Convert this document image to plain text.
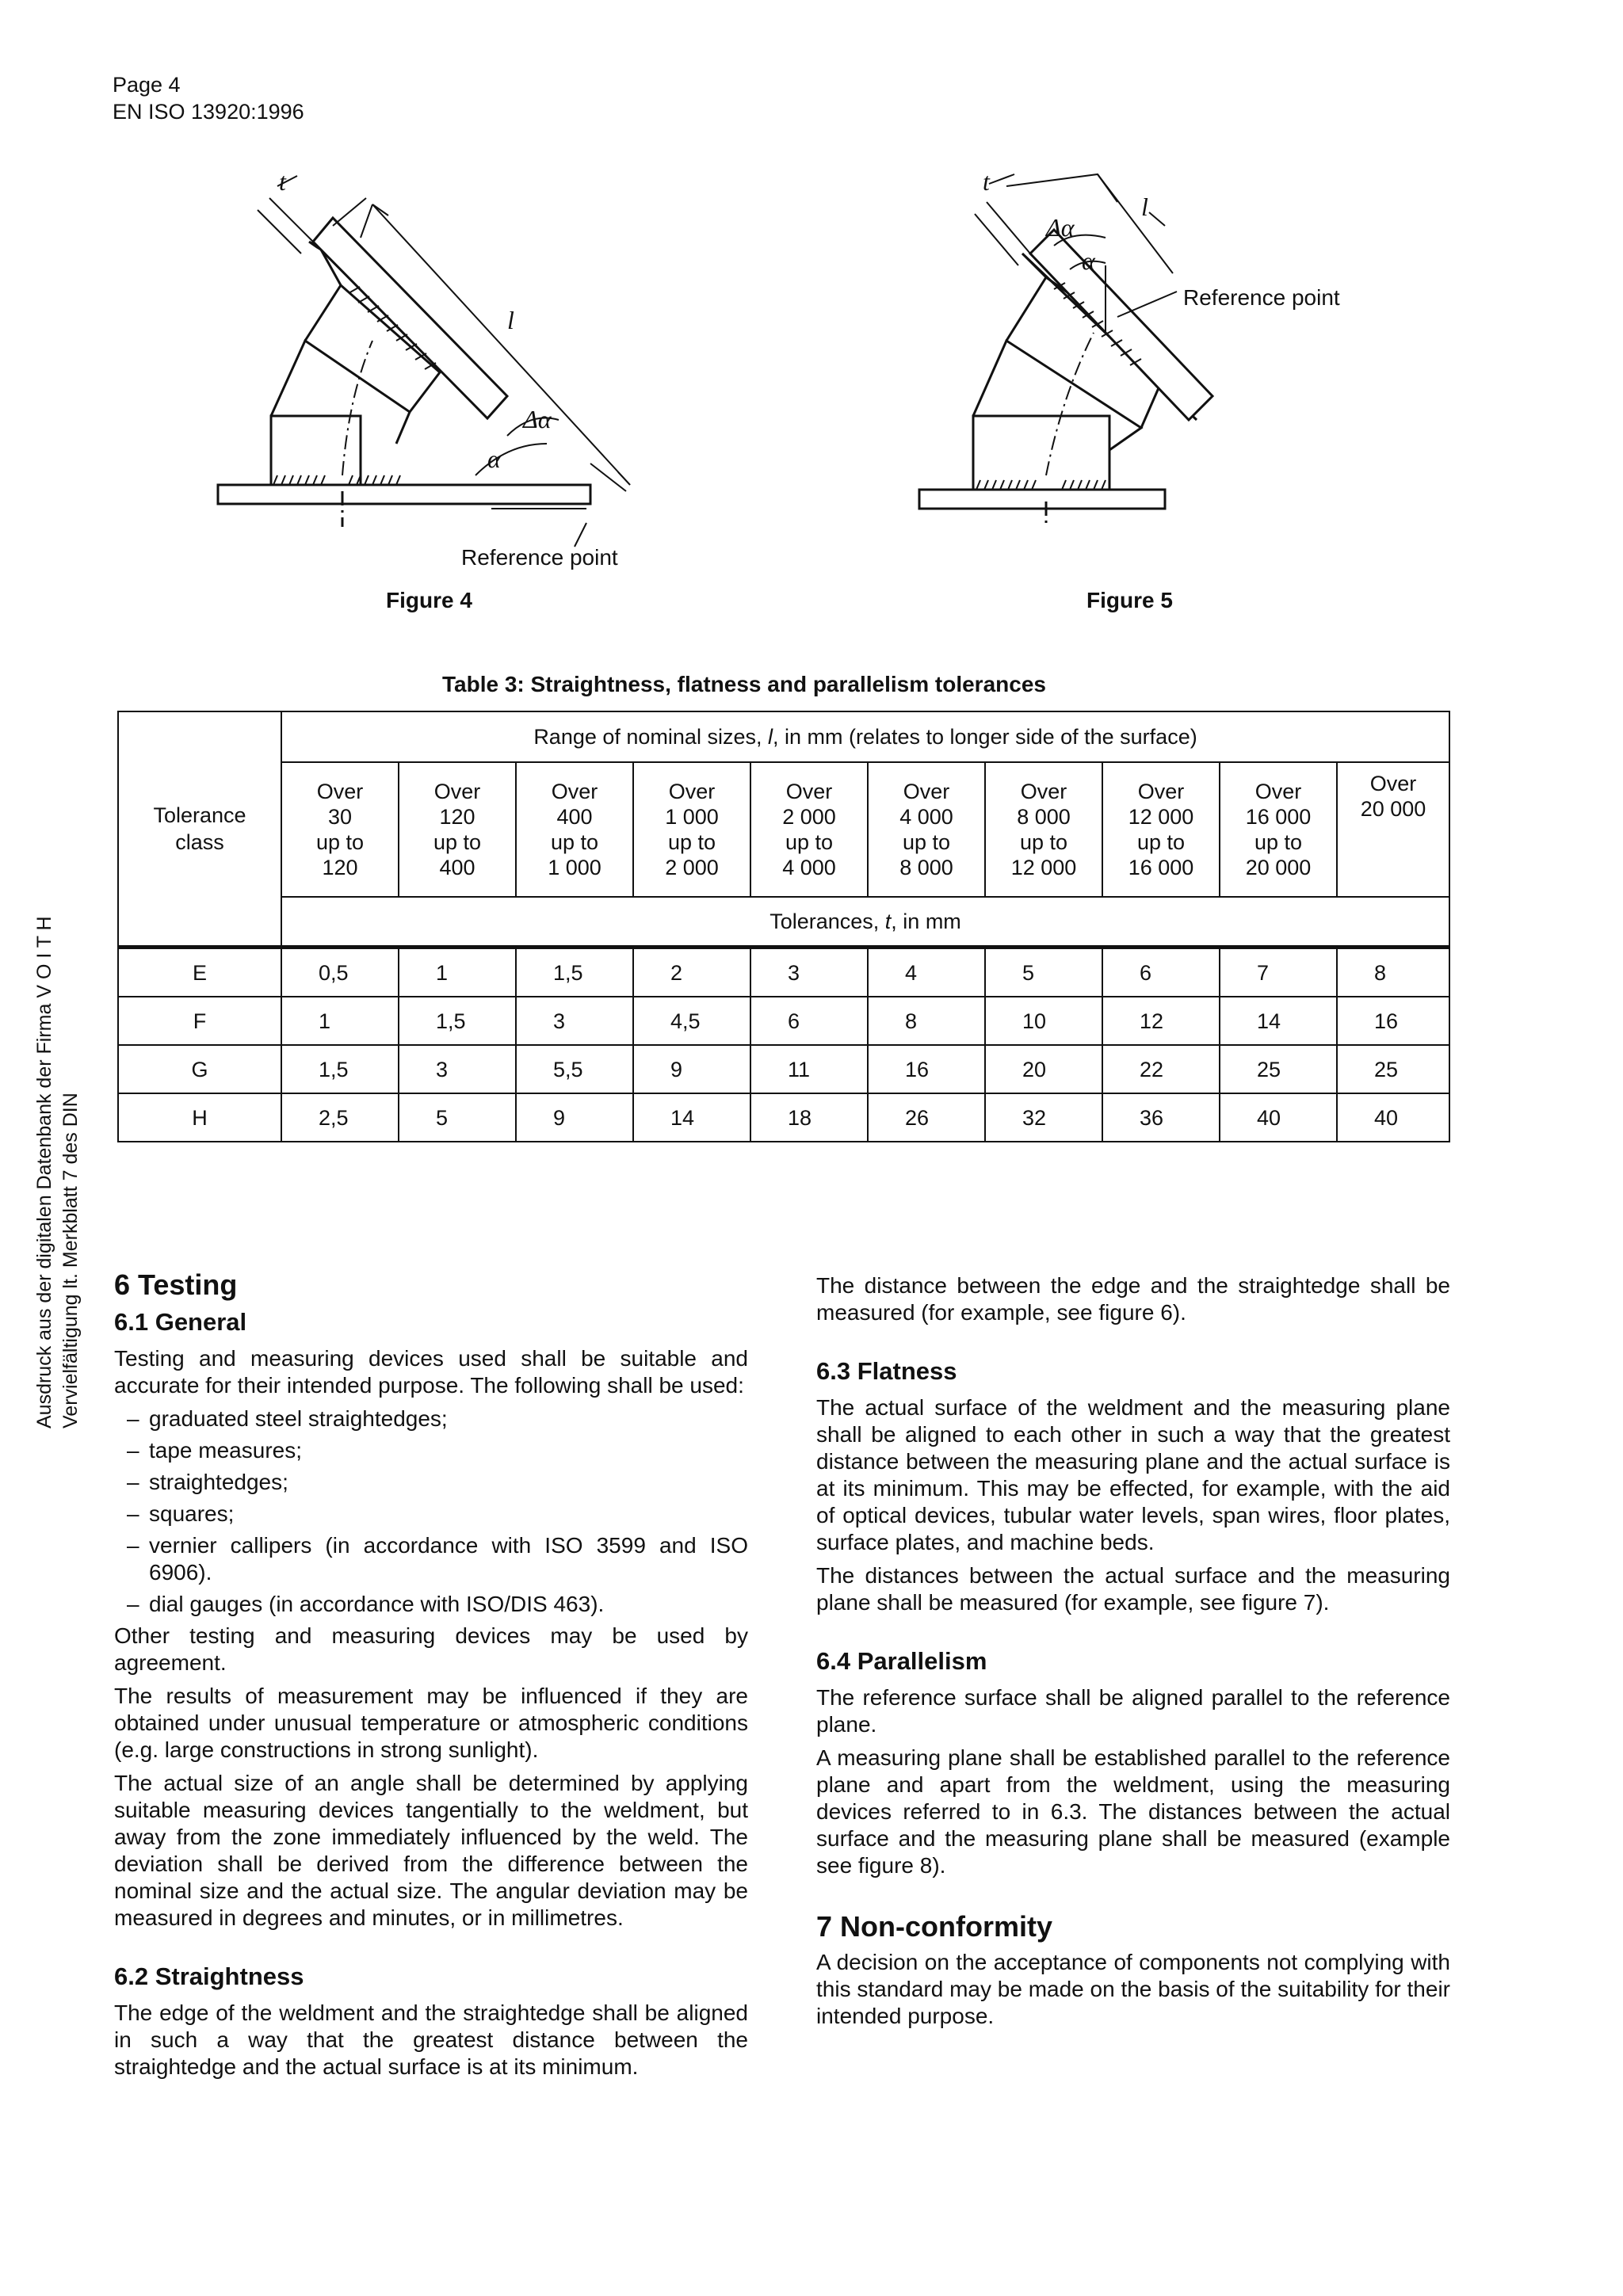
Page 4
EN ISO 13920:1996
Ausdruck aus der digitalen Datenbank der Firma V O I T H Vervielfältigung lt. Merkblatt 7 des DIN
t
l
Δα
α
Reference point
Figure 4
t
l
Δα
α
Reference point
Figure 5
Table 3: Straightness, flatness and parallelism tolerances
Tolerance class	Range of nominal sizes, l, in mm (relates to longer side of the surface)									

	Over
30
up to
120	Over
120
up to
400	Over
400
up to
1 000	Over
1 000
up to
2 000	Over
2 000
up to
4 000	Over
4 000
up to
8 000	Over
8 000
up to
12 000	Over
12 000
up to
16 000	Over
16 000
up to
20 000	Over
20 000

	Tolerances, t, in mm									
E	0,5	1	1,5	2	3	4	5	6	7	8
F	1	1,5	3	4,5	6	8	10	12	14	16
G	1,5	3	5,5	9	11	16	20	22	25	25
H	2,5	5	9	14	18	26	32	36	40	40
6 Testing
6.1 General

Testing and measuring devices used shall be suitable and accurate for their intended purpose. The following shall be used:

– graduated steel straightedges;
– tape measures;
– straightedges;
– squares;
– vernier callipers (in accordance with ISO 3599 and ISO 6906).
– dial gauges (in accordance with ISO/DIS 463).

Other testing and measuring devices may be used by agreement.

The results of measurement may be influenced if they are obtained under unusual temperature or atmospheric conditions (e.g. large constructions in strong sunlight).

The actual size of an angle shall be determined by applying suitable measuring devices tangentially to the weldment, but away from the zone immediately influenced by the weld. The deviation shall be derived from the difference between the nominal size and the actual size. The angular deviation may be measured in degrees and minutes, or in millimetres.

6.2 Straightness

The edge of the weldment and the straightedge shall be aligned in such a way that the greatest distance between the straightedge and the actual surface is at its minimum.

The distance between the edge and the straightedge shall be measured (for example, see figure 6).

6.3 Flatness

The actual surface of the weldment and the measuring plane shall be aligned to each other in such a way that the greatest distance between the measuring plane and the actual surface is at its minimum. This may be effected, for example, with the aid of optical devices, tubular water levels, span wires, floor plates, surface plates, and machine beds.

The distances between the actual surface and the measuring plane shall be measured (for example, see figure 7).

6.4 Parallelism

The reference surface shall be aligned parallel to the reference plane.

A measuring plane shall be established parallel to the reference plane and apart from the weldment, using the measuring devices referred to in 6.3. The distances between the actual surface and the measuring plane shall be measured (example see figure 8).

7 Non-conformity

A decision on the acceptance of components not complying with this standard may be made on the basis of the suitability for their intended purpose.
